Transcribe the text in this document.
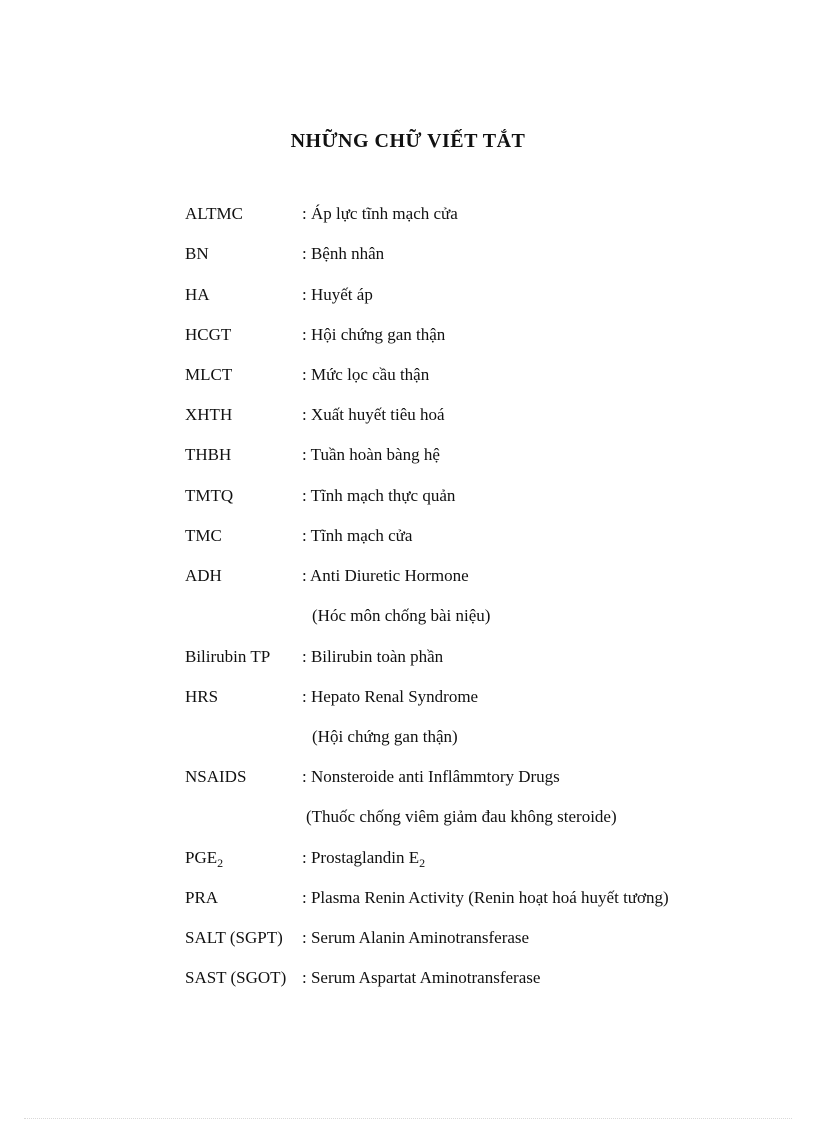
NHỮNG CHỮ VIẾT TẮT
ALTMC	: Áp lực tĩnh mạch cửa
BN	: Bệnh nhân
HA	: Huyết áp
HCGT	: Hội chứng gan thận
MLCT	: Mức lọc cầu thận
XHTH	: Xuất huyết tiêu hoá
THBH	: Tuần hoàn bàng hệ
TMTQ	: Tĩnh mạch thực quản
TMC	: Tĩnh mạch cửa
ADH	: Anti Diuretic Hormone
(Hóc môn chống bài niệu)
Bilirubin TP : Bilirubin toàn phần
HRS	: Hepato Renal Syndrome
(Hội chứng gan thận)
NSAIDS	: Nonsteroide anti Inflâmmtory Drugs
(Thuốc chống viêm giảm đau không steroide)
$PGE_2$	: Prostaglandin $E_2$
PRA	: Plasma Renin Activity (Renin hoạt hoá huyết tương)
SALT (SGPT) : Serum Alanin Aminotransferase
SAST (SGOT) : Serum Aspartat Aminotransferase
